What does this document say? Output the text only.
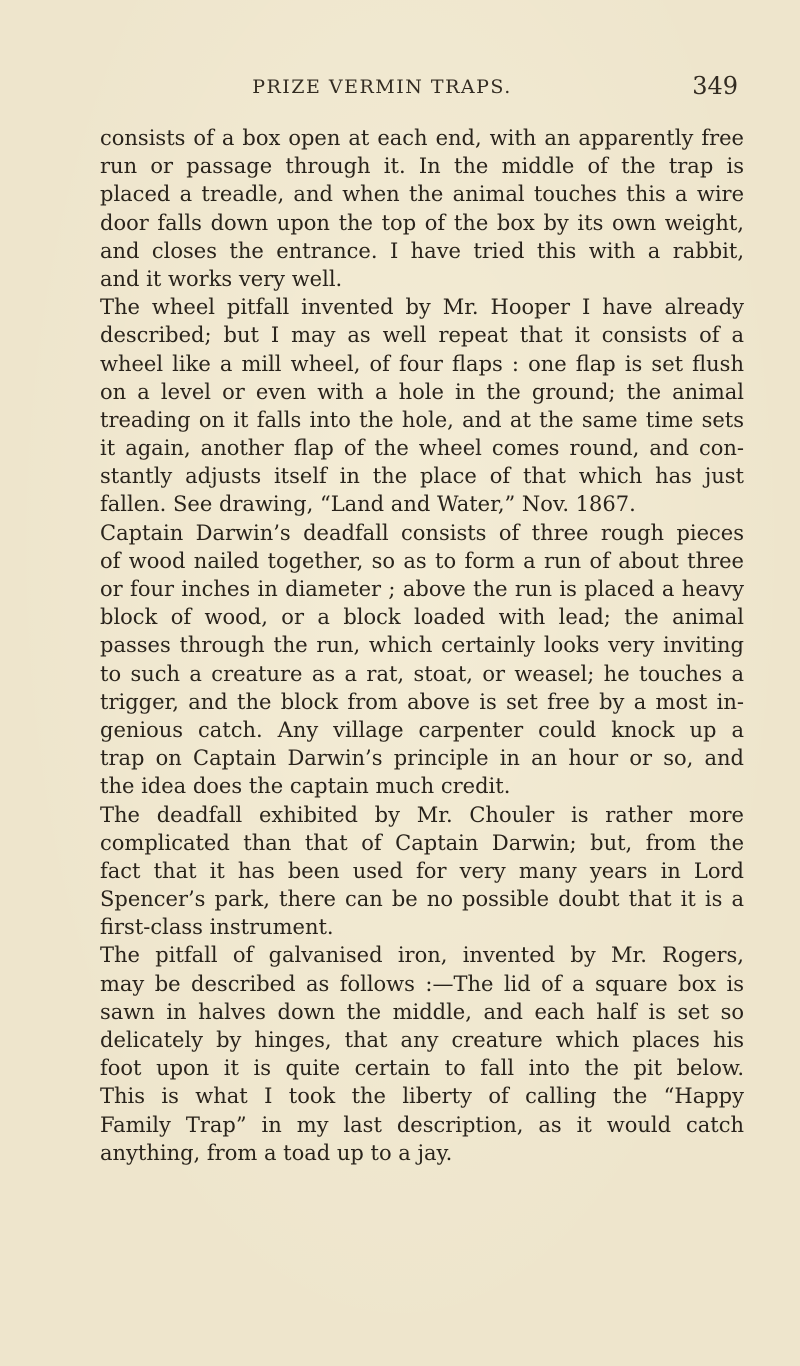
PRIZE VERMIN TRAPS.	349
consists of a box open at each end, with an apparently free
run or passage through it. In the middle of the trap is
placed a treadle, and when the animal touches this a wire
door falls down upon the top of the box by its own weight,
and closes the entrance. I have tried this with a rabbit,
and it works very well.
The wheel pitfall invented by Mr. Hooper I have already
described; but I may as well repeat that it consists of a
wheel like a mill wheel, of four flaps : one flap is set flush
on a level or even with a hole in the ground; the animal
treading on it falls into the hole, and at the same time sets
it again, another flap of the wheel comes round, and con-
stantly adjusts itself in the place of that which has just
fallen. See drawing, “Land and Water,” Nov. 1867.
Captain Darwin’s deadfall consists of three rough pieces
of wood nailed together, so as to form a run of about three
or four inches in diameter ; above the run is placed a heavy
block of wood, or a block loaded with lead; the animal
passes through the run, which certainly looks very inviting
to such a creature as a rat, stoat, or weasel; he touches a
trigger, and the block from above is set free by a most in-
genious catch. Any village carpenter could knock up a
trap on Captain Darwin’s principle in an hour or so, and
the idea does the captain much credit.
The deadfall exhibited by Mr. Chouler is rather more
complicated than that of Captain Darwin; but, from the
fact that it has been used for very many years in Lord
Spencer’s park, there can be no possible doubt that it is a
first-class instrument.
The pitfall of galvanised iron, invented by Mr. Rogers,
may be described as follows :—The lid of a square box is
sawn in halves down the middle, and each half is set so
delicately by hinges, that any creature which places his
foot upon it is quite certain to fall into the pit below.
This is what I took the liberty of calling the “Happy
Family Trap” in my last description, as it would catch
anything, from a toad up to a jay.
